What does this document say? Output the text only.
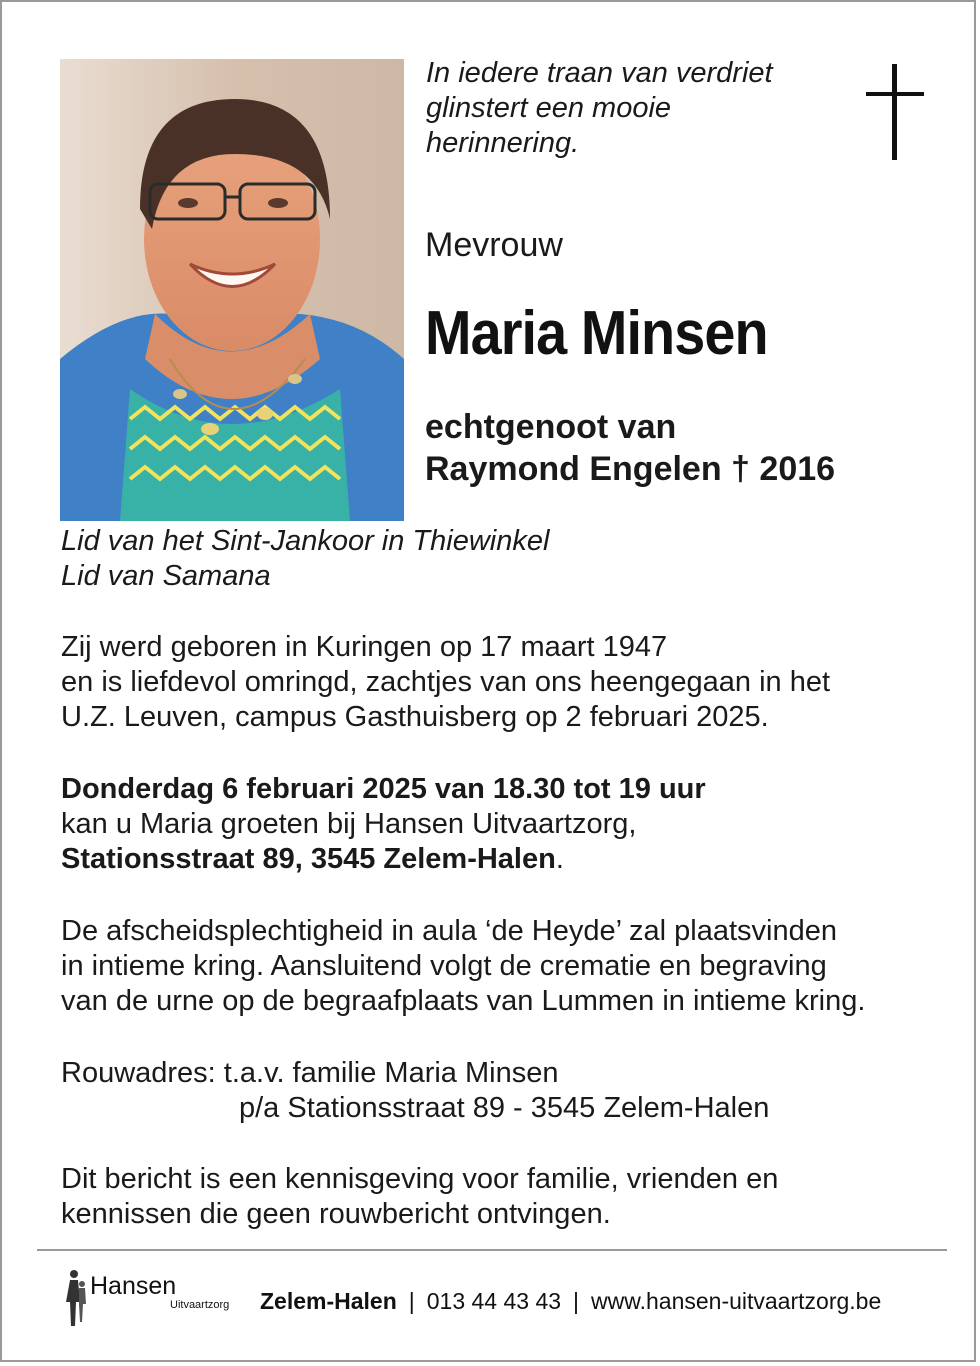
In iedere traan van verdriet
glinstert een mooie
herinnering.
Mevrouw
Maria Minsen
echtgenoot van
Raymond Engelen † 2016
Lid van het Sint-Jankoor in Thiewinkel
Lid van Samana
Zij werd geboren in Kuringen op 17 maart 1947
en is liefdevol omringd, zachtjes van ons heengegaan in het
U.Z. Leuven, campus Gasthuisberg op 2 februari 2025.
Donderdag 6 februari 2025 van 18.30 tot 19 uur
kan u Maria groeten bij Hansen Uitvaartzorg,
Stationsstraat 89, 3545 Zelem-Halen.
De afscheidsplechtigheid in aula ‘de Heyde’ zal plaatsvinden
in intieme kring. Aansluitend volgt de crematie en begraving
van de urne op de begraafplaats van Lummen in intieme kring.
Rouwadres: t.a.v. familie Maria Minsen
p/a Stationsstraat 89 - 3545 Zelem-Halen
Dit bericht is een kennisgeving voor familie, vrienden en
kennissen die geen rouwbericht ontvingen.
Hansen
Uitvaartzorg Zelem-Halen | 013 44 43 43 | www.hansen-uitvaartzorg.be
